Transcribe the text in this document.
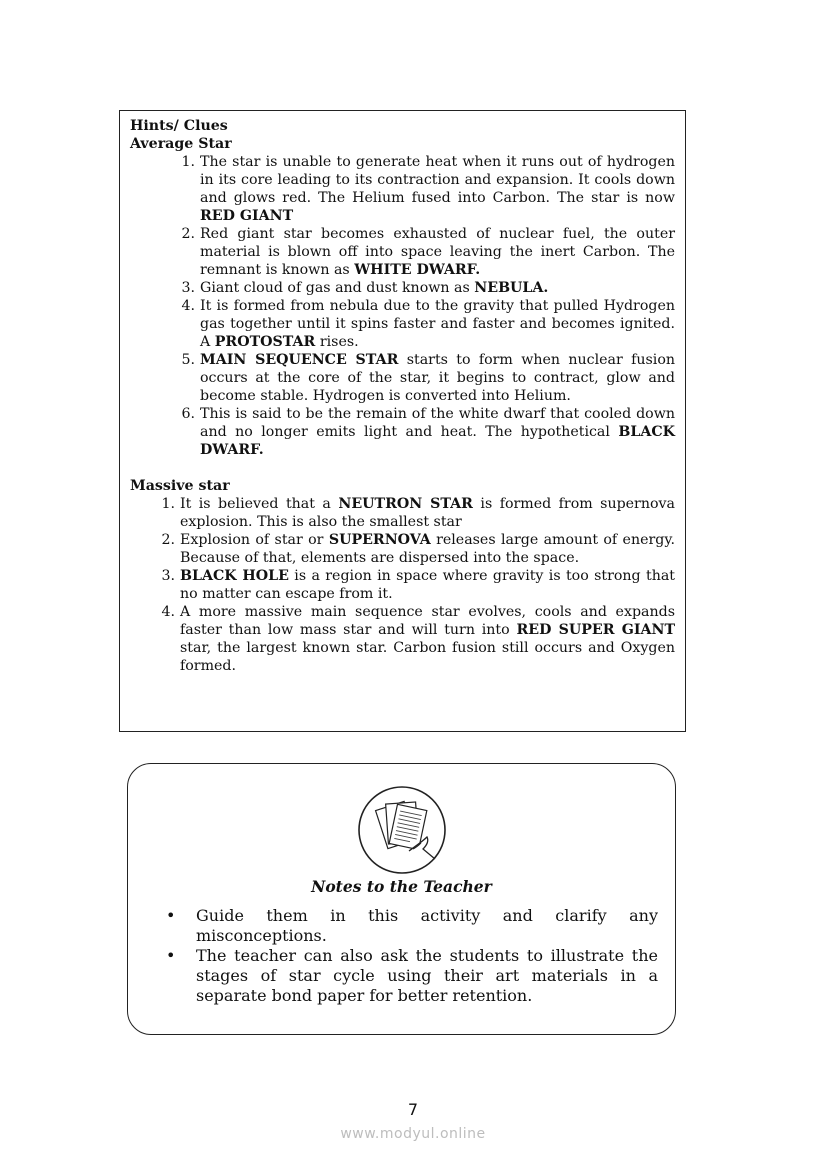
Hints/ Clues
Average Star
1. The star is unable to generate heat when it runs out of hydrogen in its core leading to its contraction and expansion. It cools down and glows red. The Helium fused into Carbon. The star is now RED GIANT
2. Red giant star becomes exhausted of nuclear fuel, the outer material is blown off into space leaving the inert Carbon. The remnant is known as WHITE DWARF.
3. Giant cloud of gas and dust known as NEBULA.
4. It is formed from nebula due to the gravity that pulled Hydrogen gas together until it spins faster and faster and becomes ignited. A PROTOSTAR rises.
5. MAIN SEQUENCE STAR starts to form when nuclear fusion occurs at the core of the star, it begins to contract, glow and become stable. Hydrogen is converted into Helium.
6. This is said to be the remain of the white dwarf that cooled down and no longer emits light and heat. The hypothetical BLACK DWARF.
Massive star
1. It is believed that a NEUTRON STAR is formed from supernova explosion. This is also the smallest star
2. Explosion of star or SUPERNOVA releases large amount of energy. Because of that, elements are dispersed into the space.
3. BLACK HOLE is a region in space where gravity is too strong that no matter can escape from it.
4. A more massive main sequence star evolves, cools and expands faster than low mass star and will turn into RED SUPER GIANT star, the largest known star. Carbon fusion still occurs and Oxygen formed.
Notes to the Teacher
•	Guide them in this activity and clarify any misconceptions.
•	The teacher can also ask the students to illustrate the stages of star cycle using their art materials in a separate bond paper for better retention.
7
www.modyul.online
